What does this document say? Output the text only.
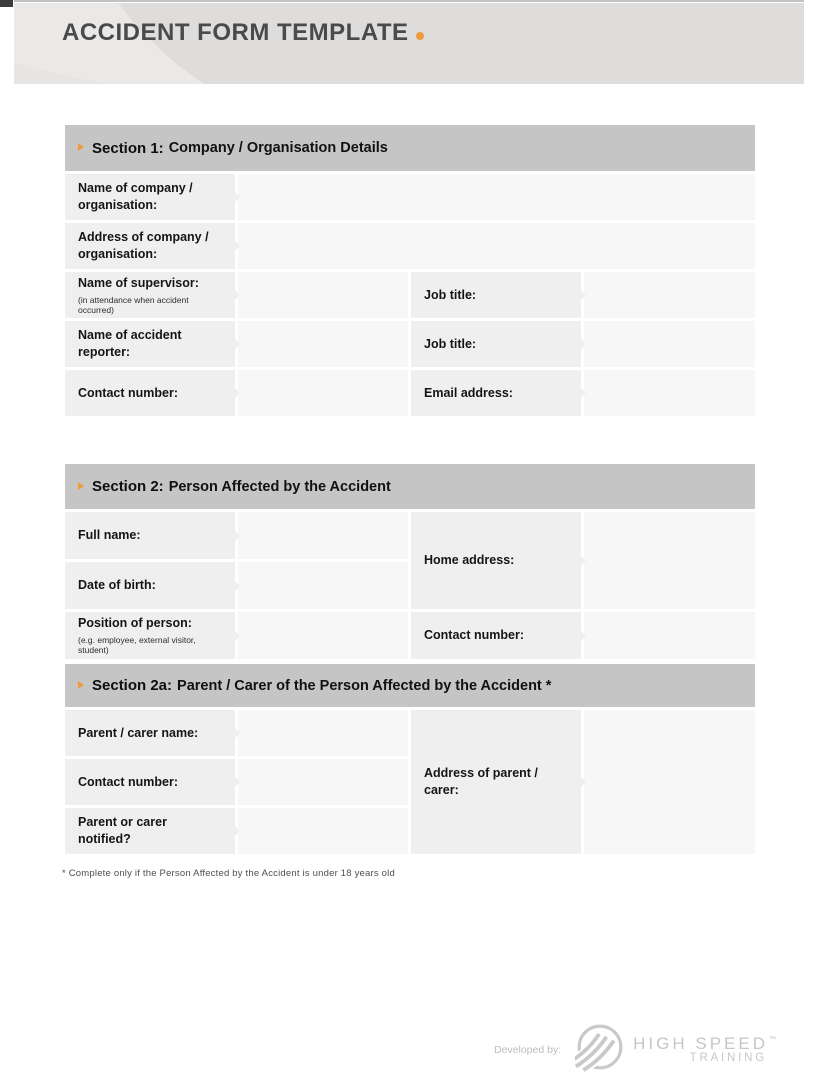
ACCIDENT FORM TEMPLATE
Section 1: Company / Organisation Details
Name of company / organisation:
Address of company / organisation:
Name of supervisor:
(in attendance when accident occurred)
Job title:
Name of accident reporter:
Job title:
Contact number:	Email address:
Section 2: Person Affected by the Accident
Full name:
Home address:
Date of birth:
Position of person:
(e.g. employee, external visitor, student)
Contact number:
Section 2a: Parent / Carer of the Person Affected by the Accident *
Parent / carer name:
Address of parent / carer:
Contact number:
Parent or carer notified?
* Complete only if the Person Affected by the Accident is under 18 years old
Developed by:	HIGH SPEED ™
TRAINING
